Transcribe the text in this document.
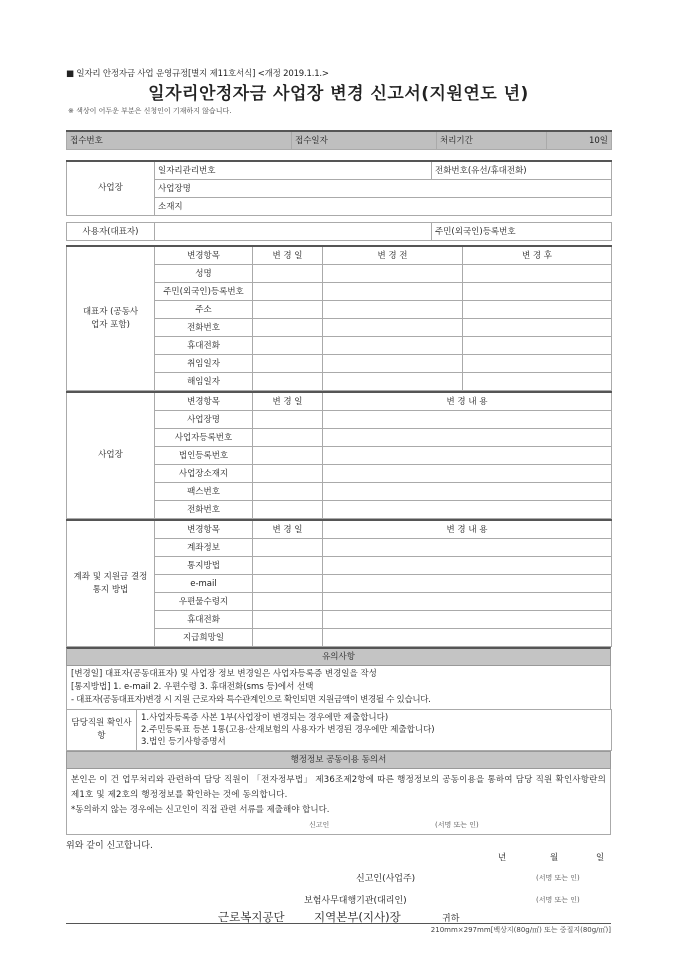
■ 일자리 안정자금 사업 운영규정[별지 제11호서식] <개정 2019.1.1.>
일자리안정자금 사업장 변경 신고서(지원연도 년)
※ 색상이 어두운 부분은 신청인이 기재하지 않습니다.
접수번호	접수일자	처리기간	10일
사업장	일자리관리번호	전화번호(유선/휴대전화)
	사업장명	
	소재지	

사용자(대표자)		주민(외국인)등록번호
대표자 (공동사업자 포함)	변경항목	변 경 일	변 경 전	변 경 후
	성명			
	주민(외국인)등록번호			
	주소			
	전화번호			
	휴대전화			
	취임일자			
	해임일자			
사업장	변경항목	변 경 일	변 경 내 용
	사업장명		
	사업자등록번호		
	법인등록번호		
	사업장소재지		
	팩스번호		
	전화번호		
계좌 및 지원금 결정 통지 방법	변경항목	변 경 일	변 경 내 용
	계좌정보		
	통지방법		
	e-mail		
	우편물수령지		
	휴대전화		
	지급희망일		
유의사항
[변경일] 대표자(공동대표자) 및 사업장 정보 변경일은 사업자등록증 변경일을 작성
[통지방법] 1. e-mail 2. 우편수령 3. 휴대전화(sms 등)에서 선택
- 대표자(공동대표자)변경 시 지원 근로자와 특수관계인으로 확인되면 지원금액이 변경될 수 있습니다.
담당직원 확인사항	
1.사업자등록증 사본 1부(사업장이 변경되는 경우에만 제출합니다)
2.주민등록표 등본 1통(고용·산재보험의 사용자가 변경된 경우에만 제출합니다)
3.법인 등기사항증명서
행정정보 공동이용 동의서
본인은 이 건 업무처리와 관련하여 담당 직원이 「전자정부법」 제36조제2항에 따른 행정정보의 공동이용을 통하여 담당 직원 확인사항란의 제1호 및 제2호의 행정정보를 확인하는 것에 동의합니다.
*동의하지 않는 경우에는 신고인이 직접 관련 서류를 제출해야 합니다.
신고인	(서명 또는 인)
위와 같이 신고합니다.
년	월	일
신고인(사업주)	(서명 또는 인)
보험사무대행기관(대리인)	(서명 또는 인)
근로복지공단	지역본부(지사)장	귀하
210mm×297mm[백상지(80g/㎡) 또는 중질지(80g/㎡)]
